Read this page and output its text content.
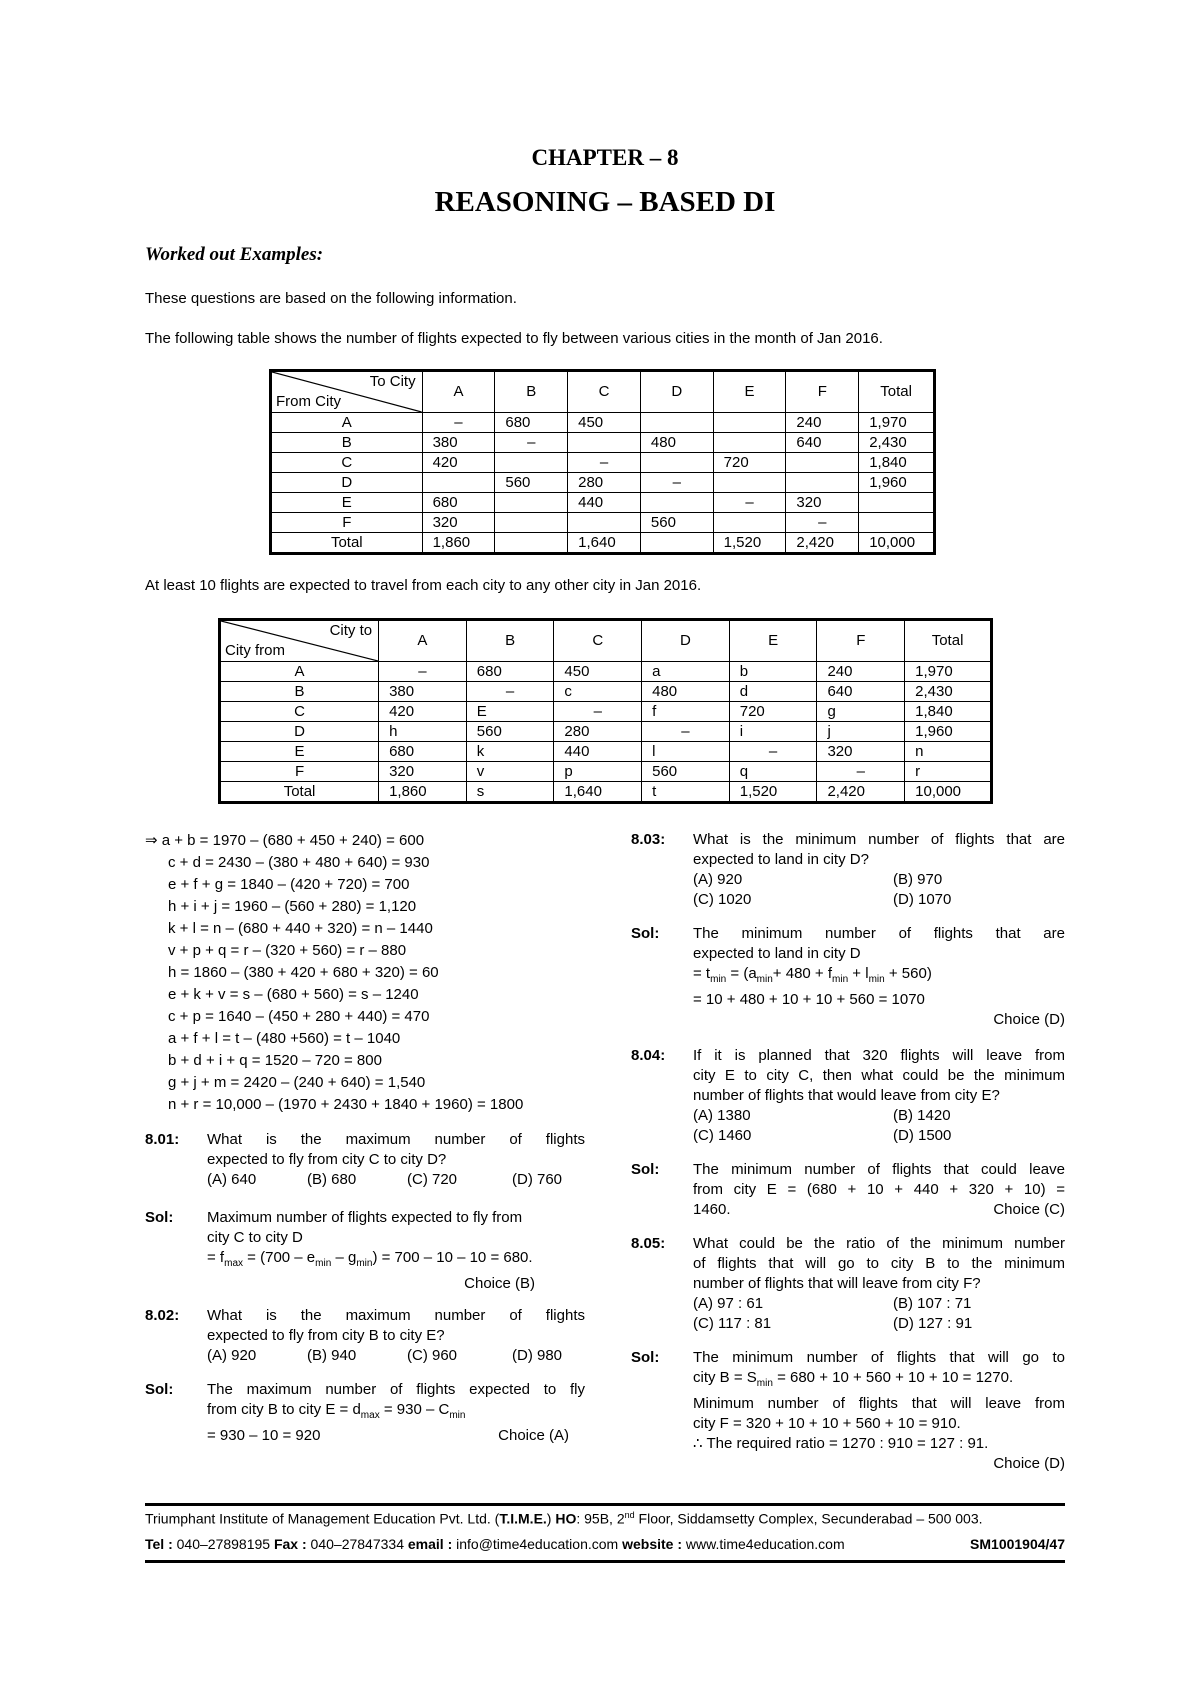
CHAPTER – 8
REASONING – BASED DI
Worked out Examples:
These questions are based on the following information.
The following table shows the number of flights expected to fly between various cities in the month of Jan 2016.
To City
From City	A	B	C	D	E	F	Total
A	–	680	450			240	1,970
B	380	–		480		640	2,430
C	420		–		720		1,840
D		560	280	–			1,960
E	680		440		–	320	
F	320			560		–	
Total	1,860		1,640		1,520	2,420	10,000
At least 10 flights are expected to travel from each city to any other city in Jan 2016.
City to
City from	A	B	C	D	E	F	Total
A	–	680	450	a	b	240	1,970
B	380	–	c	480	d	640	2,430
C	420	E	–	f	720	g	1,840
D	h	560	280	–	i	j	1,960
E	680	k	440	l	–	320	n
F	320	v	p	560	q	–	r
Total	1,860	s	1,640	t	1,520	2,420	10,000
⇒ a + b = 1970 – (680 + 450 + 240) = 600
c + d = 2430 – (380 + 480 + 640) = 930
e + f + g = 1840 – (420 + 720) = 700
h + i + j = 1960 – (560 + 280) = 1,120
k + l = n – (680 + 440 + 320) = n – 1440
v + p + q = r – (320 + 560) = r – 880
h = 1860 – (380 + 420 + 680 + 320) = 60
e + k + v = s – (680 + 560) = s – 1240
c + p = 1640 – (450 + 280 + 440) = 470
a + f + l = t – (480 +560) = t – 1040
b + d + i + q = 1520 – 720 = 800
g + j + m = 2420 – (240 + 640) = 1,540
n + r = 10,000 – (1970 + 2430 + 1840 + 1960) = 1800
8.01: What is the maximum number of flights
expected to fly from city C to city D?
(A) 640	(B) 680	(C) 720	(D) 760
Sol: Maximum number of flights expected to fly from
city C to city D
= $f_{max} = (700 - e_{min} - g_{min}) = 700 - 10 - 10 = 680$.
Choice (B)
8.02: What is the maximum number of flights
expected to fly from city B to city E?
(A) 920	(B) 940	(C) 960	(D) 980
Sol: The maximum number of flights expected to fly
from city B to city $E = d_{max} = 930 - C_{min}$
= 930 – 10 = 920	Choice (A)
8.03: What is the minimum number of flights that are
expected to land in city D?
(A) 920	(B) 970
(C) 1020	(D) 1070
Sol: The minimum number of flights that are
expected to land in city D
= $t_{min} = (a_{min}+ 480 + f_{min} + l_{min} + 560)$
= 10 + 480 + 10 + 10 + 560 = 1070
Choice (D)
8.04: If it is planned that 320 flights will leave from
city E to city C, then what could be the minimum
number of flights that would leave from city E?
(A) 1380	(B) 1420
(C) 1460	(D) 1500
Sol: The minimum number of flights that could leave
from city E = (680 + 10 + 440 + 320 + 10) =
1460.	Choice (C)
8.05: What could be the ratio of the minimum number
of flights that will go to city B to the minimum
number of flights that will leave from city F?
(A) 97 : 61	(B) 107 : 71
(C) 117 : 81	(D) 127 : 91
Sol: The minimum number of flights that will go to
city $B = S_{min} = 680 + 10 + 560 + 10 + 10 = 1270$.
Minimum number of flights that will leave from
city F = 320 + 10 + 10 + 560 + 10 = 910.
∴ The required ratio = 1270 : 910 = 127 : 91.
Choice (D)
Triumphant Institute of Management Education Pvt. Ltd. (T.I.M.E.) HO: 95B, 2nd Floor, Siddamsetty Complex, Secunderabad – 500 003.
Tel : 040–27898195 Fax : 040–27847334 email : info@time4education.com website : www.time4education.com	SM1001904/47
